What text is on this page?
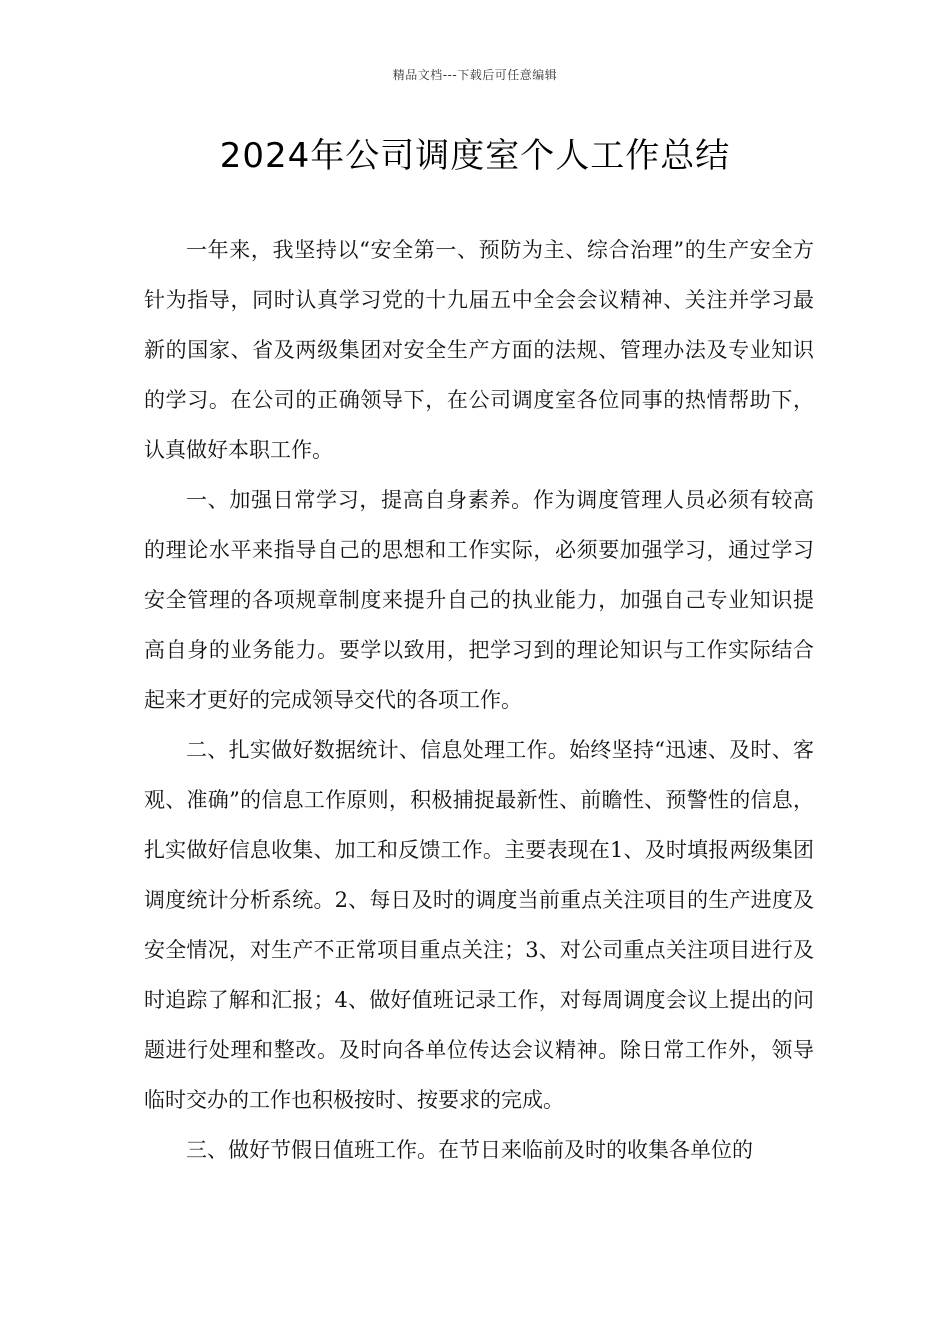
精品文档---下载后可任意编辑
2024年公司调度室个人工作总结

一年来，我坚持以“安全第一、预防为主、综合治理”的生产安全方针为指导，同时认真学习党的十九届五中全会会议精神、关注并学习最新的国家、省及两级集团对安全生产方面的法规、管理办法及专业知识的学习。在公司的正确领导下，在公司调度室各位同事的热情帮助下，认真做好本职工作。

一、加强日常学习，提高自身素养。作为调度管理人员必须有较高的理论水平来指导自己的思想和工作实际，必须要加强学习，通过学习安全管理的各项规章制度来提升自己的执业能力，加强自己专业知识提高自身的业务能力。要学以致用，把学习到的理论知识与工作实际结合起来才更好的完成领导交代的各项工作。

二、扎实做好数据统计、信息处理工作。始终坚持“迅速、及时、客观、准确”的信息工作原则，积极捕捉最新性、前瞻性、预警性的信息，扎实做好信息收集、加工和反馈工作。主要表现在1、及时填报两级集团调度统计分析系统。2、每日及时的调度当前重点关注项目的生产进度及安全情况，对生产不正常项目重点关注；3、对公司重点关注项目进行及时追踪了解和汇报；4、做好值班记录工作，对每周调度会议上提出的问题进行处理和整改。及时向各单位传达会议精神。除日常工作外，领导临时交办的工作也积极按时、按要求的完成。

三、做好节假日值班工作。在节日来临前及时的收集各单位的
